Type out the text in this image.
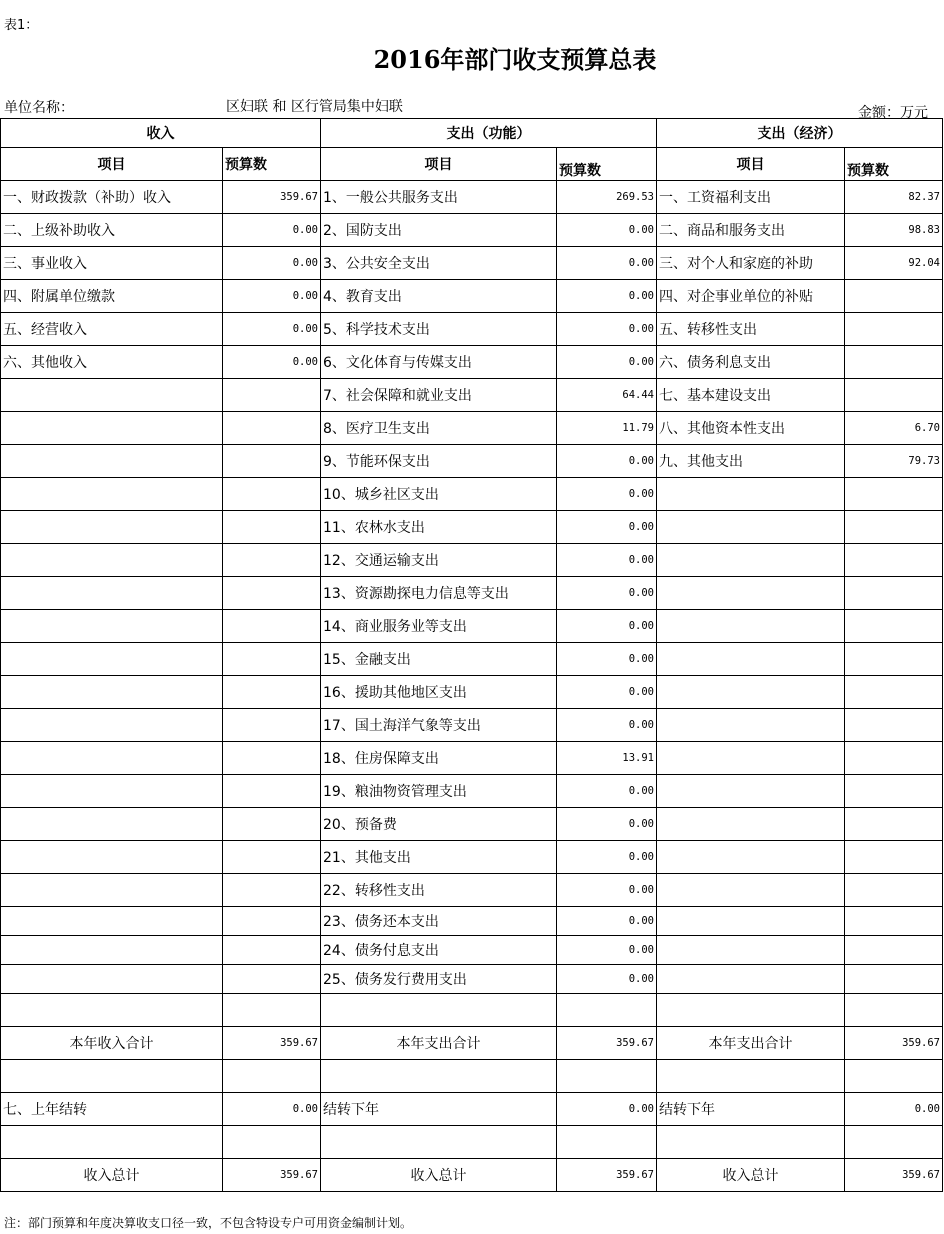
表1：
2016年部门收支预算总表
单位名称：	区妇联 和 区行管局集中妇联	金额：万元
收入		支出（功能）		支出（经济）	
项目	预算数	项目	预算数	项目	预算数
一、财政拨款（补助）收入	359.67	1、一般公共服务支出	269.53	一、工资福利支出	82.37
二、上级补助收入	0.00	2、国防支出	0.00	二、商品和服务支出	98.83
三、事业收入	0.00	3、公共安全支出	0.00	三、对个人和家庭的补助	92.04
四、附属单位缴款	0.00	4、教育支出	0.00	四、对企事业单位的补贴	
五、经营收入	0.00	5、科学技术支出	0.00	五、转移性支出	
六、其他收入	0.00	6、文化体育与传媒支出	0.00	六、债务利息支出	
		7、社会保障和就业支出	64.44	七、基本建设支出	
		8、医疗卫生支出	11.79	八、其他资本性支出	6.70
		9、节能环保支出	0.00	九、其他支出	79.73
		10、城乡社区支出	0.00		
		11、农林水支出	0.00		
		12、交通运输支出	0.00		
		13、资源勘探电力信息等支出	0.00		
		14、商业服务业等支出	0.00		
		15、金融支出	0.00		
		16、援助其他地区支出	0.00		
		17、国土海洋气象等支出	0.00		
		18、住房保障支出	13.91		
		19、粮油物资管理支出	0.00		
		20、预备费	0.00		
		21、其他支出	0.00		
		22、转移性支出	0.00		
		23、债务还本支出	0.00		
		24、债务付息支出	0.00		
		25、债务发行费用支出	0.00		

本年收入合计	359.67	本年支出合计	359.67	本年支出合计	359.67

七、上年结转	0.00	结转下年	0.00	结转下年	0.00

收入总计	359.67	收入总计	359.67	收入总计	359.67
注：部门预算和年度决算收支口径一致，不包含特设专户可用资金编制计划。
